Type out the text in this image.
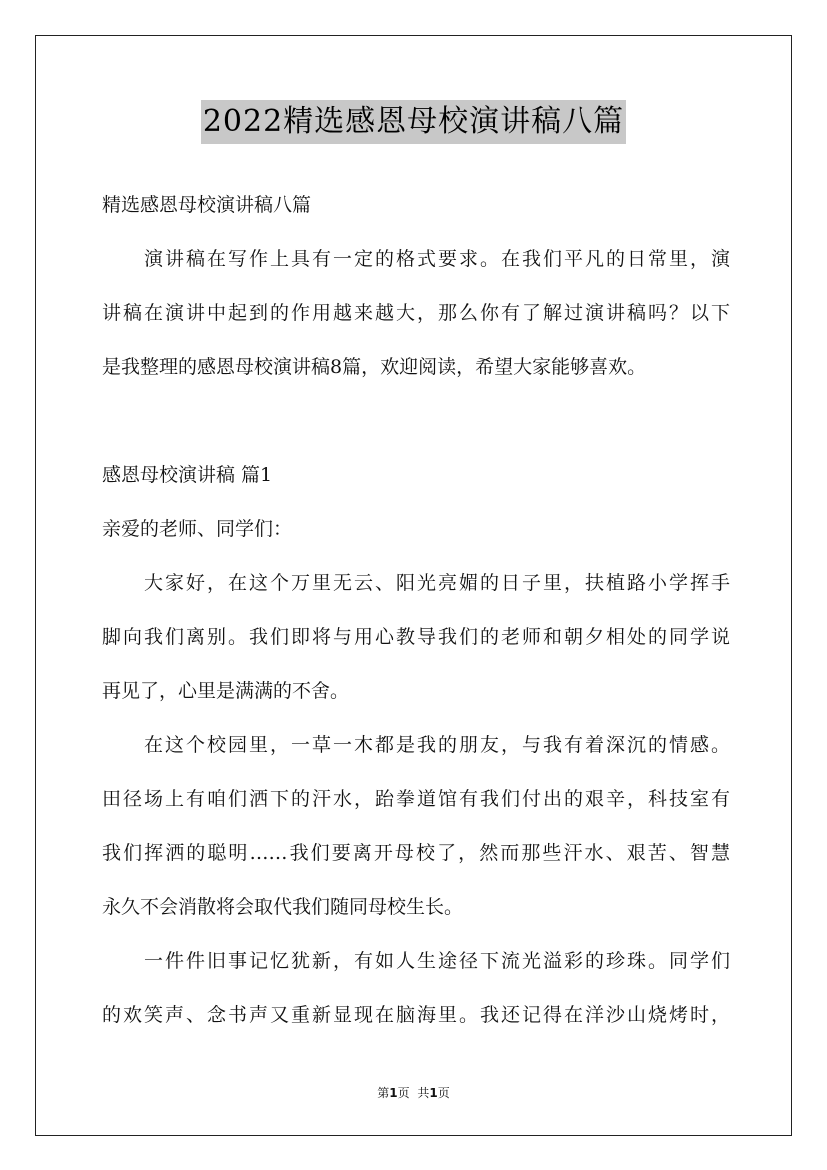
2022精选感恩母校演讲稿八篇
精选感恩母校演讲稿八篇
演讲稿在写作上具有一定的格式要求。在我们平凡的日常里，演
讲稿在演讲中起到的作用越来越大，那么你有了解过演讲稿吗？以下
是我整理的感恩母校演讲稿8篇，欢迎阅读，希望大家能够喜欢。
感恩母校演讲稿 篇1
亲爱的老师、同学们：
大家好，在这个万里无云、阳光亮媚的日子里，扶植路小学挥手
脚向我们离别。我们即将与用心教导我们的老师和朝夕相处的同学说
再见了，心里是满满的不舍。
在这个校园里，一草一木都是我的朋友，与我有着深沉的情感。
田径场上有咱们洒下的汗水，跆拳道馆有我们付出的艰辛，科技室有
我们挥洒的聪明……我们要离开母校了，然而那些汗水、艰苦、智慧
永久不会消散将会取代我们随同母校生长。
一件件旧事记忆犹新，有如人生途径下流光溢彩的珍珠。同学们
的欢笑声、念书声又重新显现在脑海里。我还记得在洋沙山烧烤时，
第1页 共1页
